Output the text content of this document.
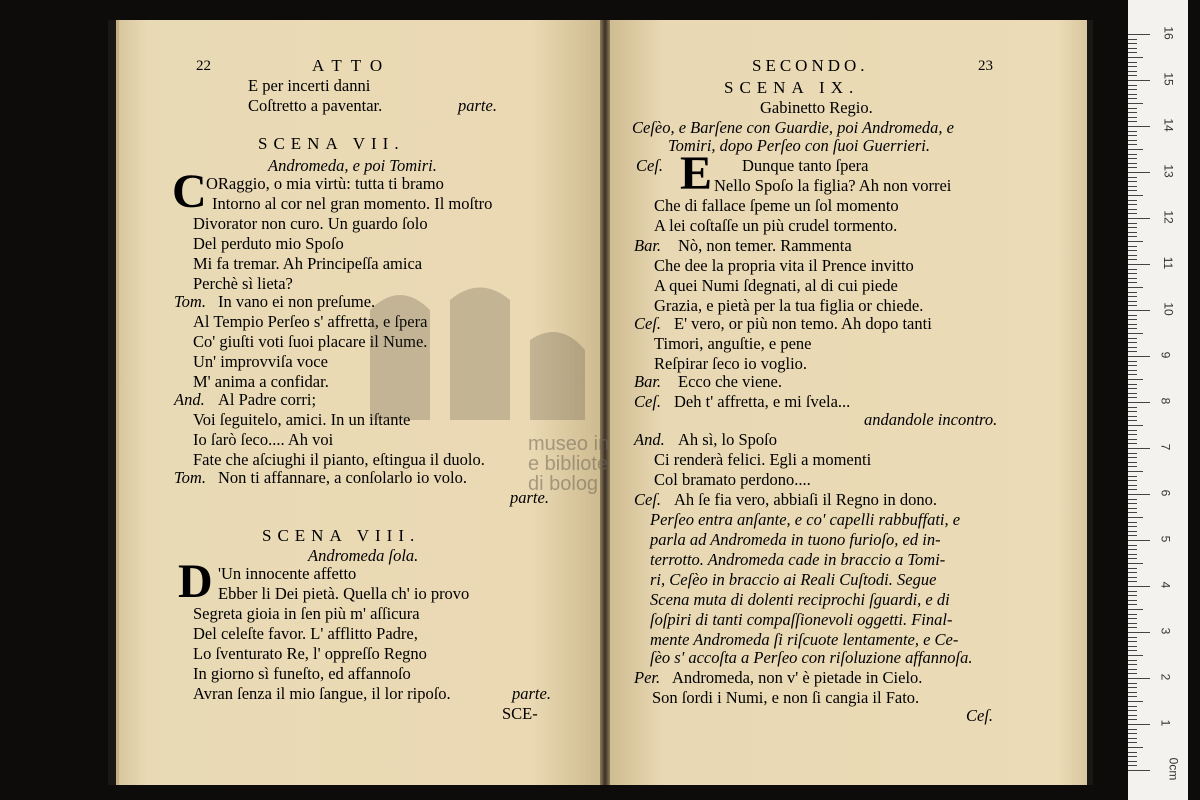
22	ATTO	SECONDO.	23
E per incerti danni
Coſtretto a paventar.	parte.
SCENA VII.
Andromeda, e poi Tomiri.
ORaggio, o mia virtù: tutta ti bramo
Intorno al cor nel gran momento. Il moſtro
Divorator non curo. Un guardo ſolo
Del perduto mio Spoſo
Mi fa tremar. Ah Principeſſa amica
Perchè sì lieta?
Tom. In vano ei non preſume.
Al Tempio Perſeo s' affretta, e ſpera
Co' giuſti voti ſuoi placare il Nume.
Un' improvviſa voce
M' anima a confidar.
And. Al Padre corri;
Voi ſeguitelo, amici. In un iſtante
Io ſarò ſeco.... Ah voi
Fate che aſciughi il pianto, eſtingua il duolo.
Tom. Non ti affannare, a conſolarlo io volo.
parte.
SCENA VIII.
Andromeda ſola.
'Un innocente affetto
Ebber li Dei pietà. Quella ch' io provo
Segreta gioia in ſen più m' aſſicura
Del celeſte favor. L' afflitto Padre,
Lo ſventurato Re, l' oppreſſo Regno
In giorno sì funeſto, ed affannoſo
Avran ſenza il mio ſangue, il lor ripoſo.	parte.
SCE-
C
D
SCENA IX.
Gabinetto Regio.
Ceſèo, e Barſene con Guardie, poi Andromeda, e
Tomiri, dopo Perſeo con ſuoi Guerrieri.
Ceſ.	Dunque tanto ſpera
Nello Spoſo la figlia? Ah non vorrei
Che di fallace ſpeme un ſol momento
A lei coſtaſſe un più crudel tormento.
Bar. Nò, non temer. Rammenta
Che dee la propria vita il Prence invitto
A quei Numi ſdegnati, al di cui piede
Grazia, e pietà per la tua figlia or chiede.
Ceſ. E' vero, or più non temo. Ah dopo tanti
Timori, anguſtie, e pene
Reſpirar ſeco io voglio.
Bar. Ecco che viene.
Ceſ. Deh t' affretta, e mi ſvela...
andandole incontro.
And. Ah sì, lo Spoſo
Ci renderà felici. Egli a momenti
Col bramato perdono....
Ceſ. Ah ſe fia vero, abbiaſi il Regno in dono.
Perſeo entra anſante, e co' capelli rabbuffati, e
parla ad Andromeda in tuono furioſo, ed in-
terrotto. Andromeda cade in braccio a Tomi-
ri, Ceſèo in braccio ai Reali Cuſtodi. Segue
Scena muta di dolenti reciprochi ſguardi, e di
ſoſpiri di tanti compaſſionevoli oggetti. Final-
mente Andromeda ſi riſcuote lentamente, e Ce-
ſèo s' accoſta a Perſeo con riſoluzione affannoſa.
Per. Andromeda, non v' è pietade in Cielo.
Son ſordi i Numi, e non ſi cangia il Fato.
Ceſ.
E
museo in
e bibliote
di bolog
0cm
1
2
3
4
5
6
7
8
9
10
11
12
13
14
15
16
